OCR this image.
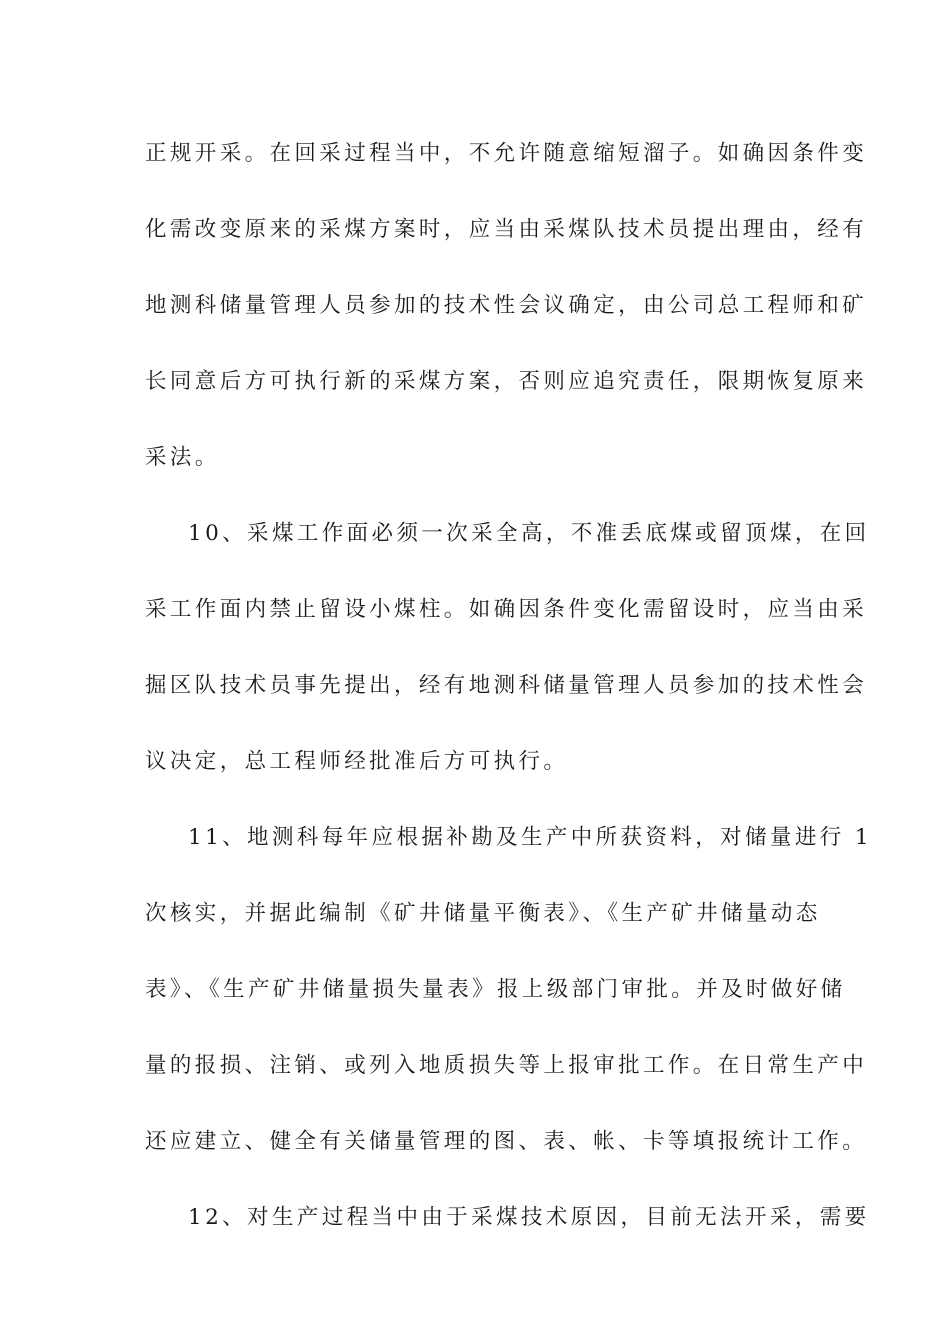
正规开采。在回采过程当中，不允许随意缩短溜子。如确因条件变
化需改变原来的采煤方案时，应当由采煤队技术员提出理由，经有
地测科储量管理人员参加的技术性会议确定，由公司总工程师和矿
长同意后方可执行新的采煤方案，否则应追究责任，限期恢复原来
采法。
10、采煤工作面必须一次采全高，不准丢底煤或留顶煤，在回
采工作面内禁止留设小煤柱。如确因条件变化需留设时，应当由采
掘区队技术员事先提出，经有地测科储量管理人员参加的技术性会
议决定，总工程师经批准后方可执行。
11、地测科每年应根据补勘及生产中所获资料，对储量进行 1
次核实，并据此编制《矿井储量平衡表》、《生产矿井储量动态
表》、《生产矿井储量损失量表》报上级部门审批。并及时做好储
量的报损、注销、或列入地质损失等上报审批工作。在日常生产中
还应建立、健全有关储量管理的图、表、帐、卡等填报统计工作。
12、对生产过程当中由于采煤技术原因，目前无法开采，需要
